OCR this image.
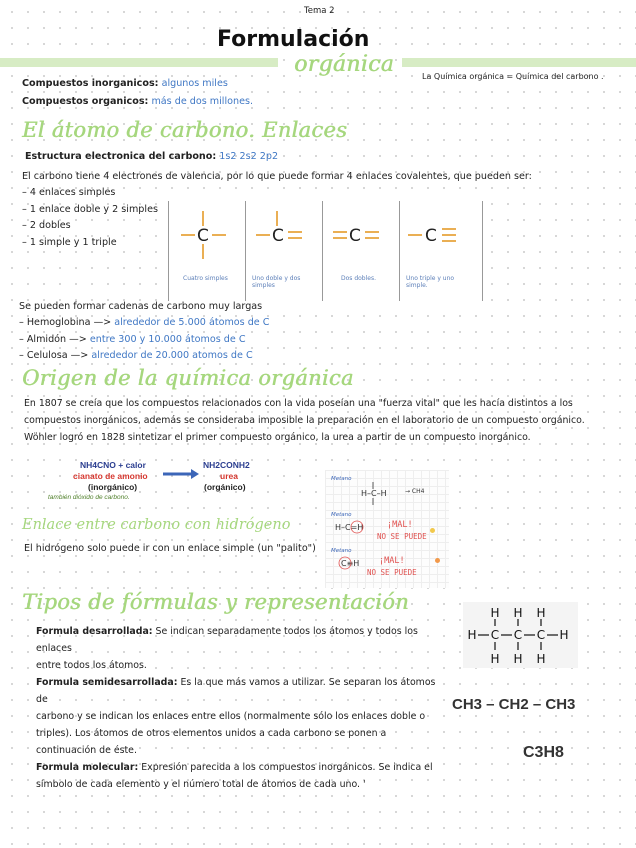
Tema 2
Formulación
orgánica	La Química orgánica = Química del carbono .
Compuestos inorganicos: algunos miles
Compuestos organicos: más de dos millones.
El átomo de carbono. Enlaces
Estructura electronica del carbono: 1s2 2s2 2p2
El carbono tiene 4 electrones de valencia, por lo que puede formar 4 enlaces covalentes, que pueden ser:
– 4 enlaces simples
– 1 enlace doble y 2 simples
– 2 dobles
– 1 simple y 1 triple	C
Cuatro simples
C
Uno doble y dos simples
C
Dos dobles.
C
Uno triple y uno simple.
Se pueden formar cadenas de carbono muy largas
– Hemoglobina —> alrededor de 5.000 átomos de C
– Almidón —> entre 300 y 10.000 átomos de C
– Celulosa —> alrededor de 20.000 atomos de C
Origen de la química orgánica
En 1807 se creía que los compuestos relacionados con la vida poseían una "fuerza vital" que les hacía distintos a los
compuestos inorgánicos, además se consideraba imposible la preparación en el laboratorio de un compuesto orgánico.
Wöhler logró en 1828 sintetizar el primer compuesto orgánico, la urea a partir de un compuesto inorgánico.
NH4CNO + calor
cianato de amonio
(inorgánico)
también dióxido de carbono.
NH2CONH2
urea
(orgánico)
Metano
H–C–H	→ CH4
Metano
H–C=H	¡MAL!
NO SE PUEDE
Metano
C≡H ¡MAL!
NO SE PUEDE
Enlace entre carbono con hidrógeno
El hidrógeno solo puede ir con un enlace simple (un "palito")
Tipos de fórmulas y representación
Formula desarrollada: Se indican separadamente todos los átomos y todos los enlaces
entre todos los átomos.
Formula semidesarrollada: Es la que más vamos a utilizar. Se separan los átomos de
carbono y se indican los enlaces entre ellos (normalmente sólo los enlaces doble o
triples). Los átomos de otros elementos unidos a cada carbono se ponen a
continuación de éste.
Formula molecular: Expresión parecida a los compuestos inorgánicos. Se indica el
símbolo de cada elemento y el número total de átomos de cada uno. '
H H H
H C C C H
H H H
CH3 – CH2 – CH3
C3H8
